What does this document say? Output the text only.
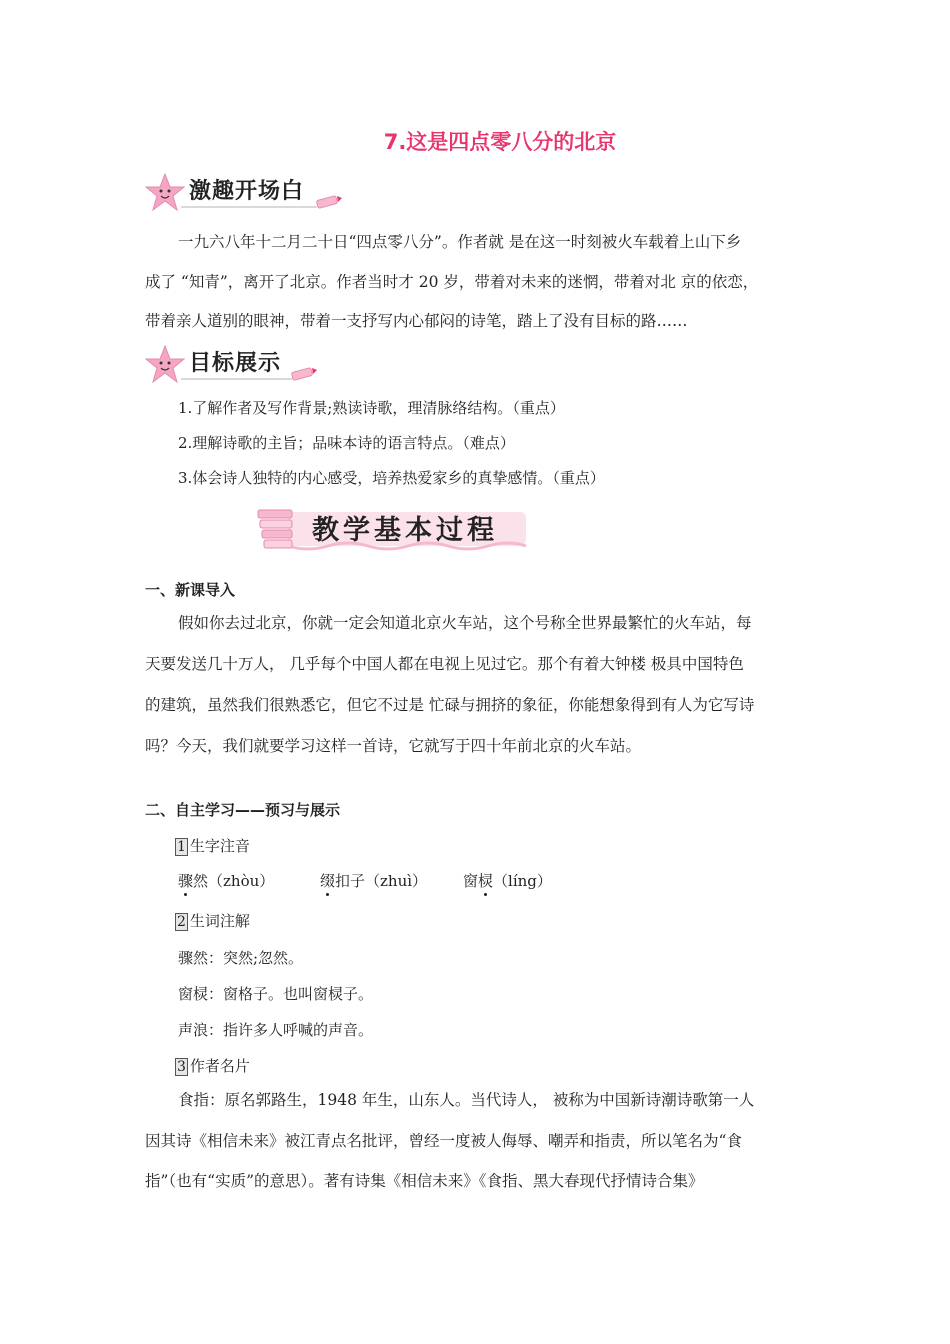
7.这是四点零八分的北京
激趣开场白
一九六八年十二月二十日“四点零八分”。作者就 是在这一时刻被火车载着上山下乡
成了 “知青”，离开了北京。作者当时才 20 岁，带着对未来的迷惘，带着对北 京的依恋，
带着亲人道别的眼神，带着一支抒写内心郁闷的诗笔，踏上了没有目标的路……
目标展示
1.了解作者及写作背景;熟读诗歌，理清脉络结构。（重点）
2.理解诗歌的主旨；品味本诗的语言特点。（难点）
3.体会诗人独特的内心感受，培养热爱家乡的真挚感情。（重点）
教学基本过程
一、新课导入
假如你去过北京，你就一定会知道北京火车站，这个号称全世界最繁忙的火车站，每
天要发送几十万人， 几乎每个中国人都在电视上见过它。那个有着大钟楼 极具中国特色
的建筑，虽然我们很熟悉它，但它不过是 忙碌与拥挤的象征，你能想象得到有人为它写诗
吗？今天，我们就要学习这样一首诗，它就写于四十年前北京的火车站。
二、自主学习——预习与展示
1 生字注音
骤然（zhòu）	缀扣子（zhuì） 窗棂（líng）
2 生词注解
骤然：突然;忽然。
窗棂：窗格子。也叫窗棂子。
声浪：指许多人呼喊的声音。
3 作者名片
食指：原名郭路生，1948 年生，山东人。当代诗人， 被称为中国新诗潮诗歌第一人
因其诗《相信未来》被江青点名批评，曾经一度被人侮辱、嘲弄和指责，所以笔名为“食
指”（也有“实质”的意思）。著有诗集《相信未来》《食指、黑大春现代抒情诗合集》
